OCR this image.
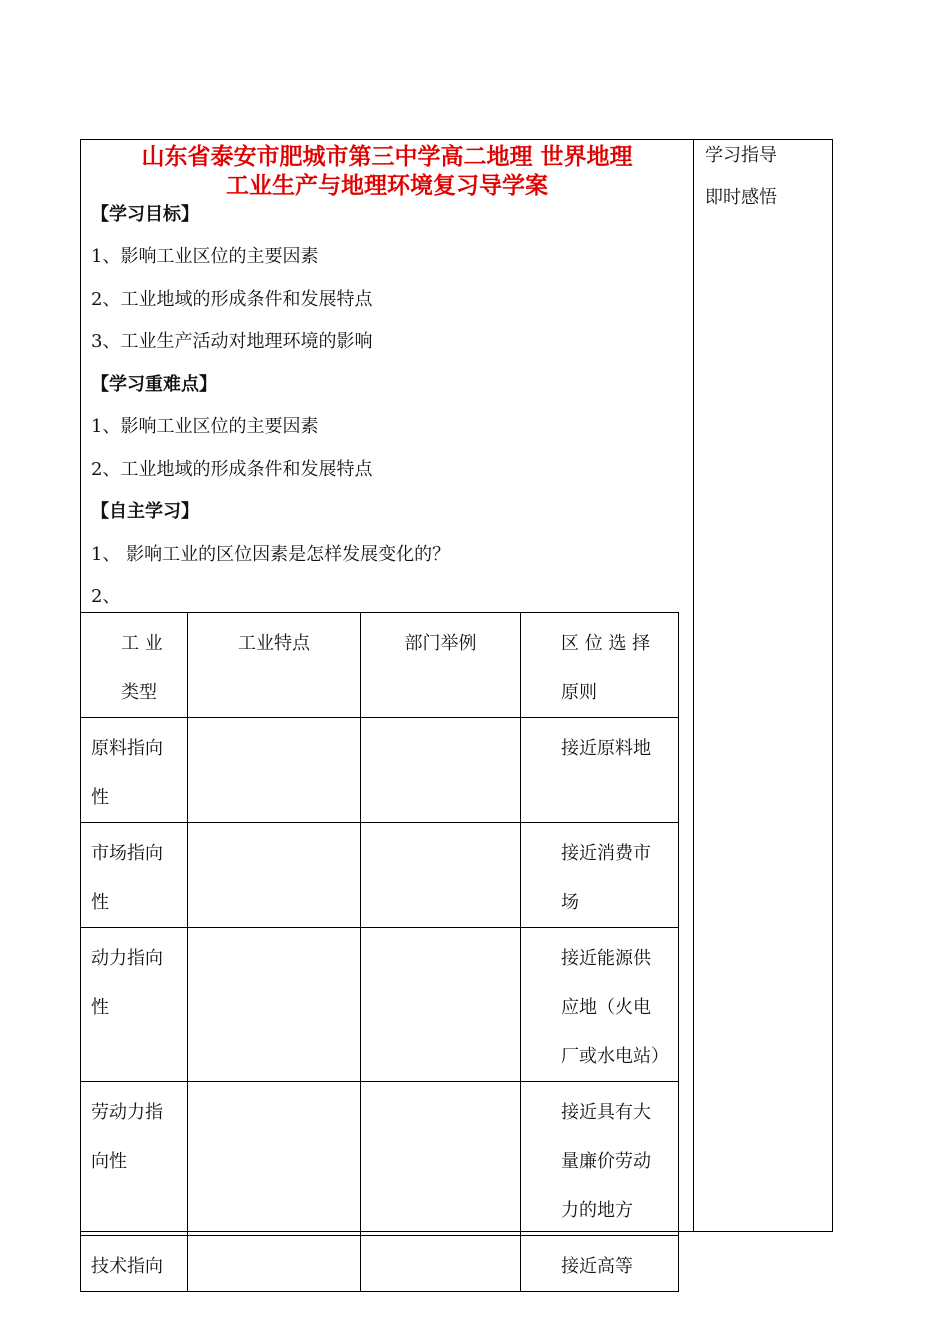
山东省泰安市肥城市第三中学高二地理 世界地理
工业生产与地理环境复习导学案
学习指导
即时感悟
【学习目标】
1、影响工业区位的主要因素
2、工业地域的形成条件和发展特点
3、工业生产活动对地理环境的影响
【学习重难点】
1、影响工业区位的主要因素
2、工业地域的形成条件和发展特点
【自主学习】
1、 影响工业的区位因素是怎样发展变化的？
2、
工 业 类型	工业特点	部门举例	区 位 选 择 原则
原料指向性			接近原料地
市场指向性			接近消费市场
动力指向性			接近能源供应地（火电厂或水电站）
劳动力指向性			接近具有大量廉价劳动力的地方
技术指向			接近高等
